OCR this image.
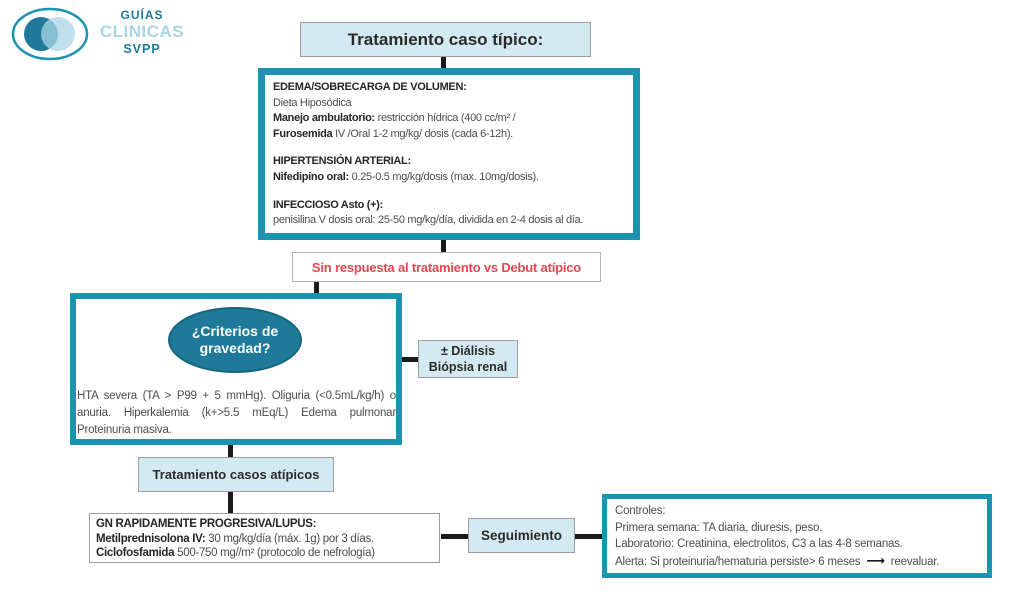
GUÍAS
CLINICAS
SVPP
Tratamiento caso típico:
EDEMA/SOBRECARGA DE VOLUMEN:
Dieta Hiposódica
Manejo ambulatorio: restricción hídrica (400 cc/m² /
Furosemida IV /Oral 1-2 mg/kg/ dosis (cada 6-12h).
HIPERTENSIÓN ARTERIAL:
Nifedipino oral: 0.25-0.5 mg/kg/dosis (max. 10mg/dosis).
INFECCIOSO Asto (+):
penisilina V dosis oral: 25-50 mg/kg/día, dividida en 2-4 dosis al día.
Sin respuesta al tratamiento vs Debut atípico
¿Criterios de
gravedad?
HTA severa (TA > P99 + 5 mmHg). Oliguria (<0.5mL/kg/h) o anuria. Hiperkalemia (k+>5.5 mEq/L) Edema pulmonar Proteinuria masiva.
± Diálisis
Biópsia renal
Tratamiento casos atípicos
GN RAPIDAMENTE PROGRESIVA/LUPUS:
Metilprednisolona IV: 30 mg/kg/día (máx. 1g) por 3 días.
Ciclofosfamida 500-750 mg//m² (protocolo de nefrología)
Seguimiento
Controles:
Primera semana: TA diaria, diuresis, peso.
Laboratorio: Creatinina, electrolitos, C3 a las 4-8 semanas.
Alerta: Si proteinuria/hematuria persiste> 6 meses ⟶ reevaluar.
